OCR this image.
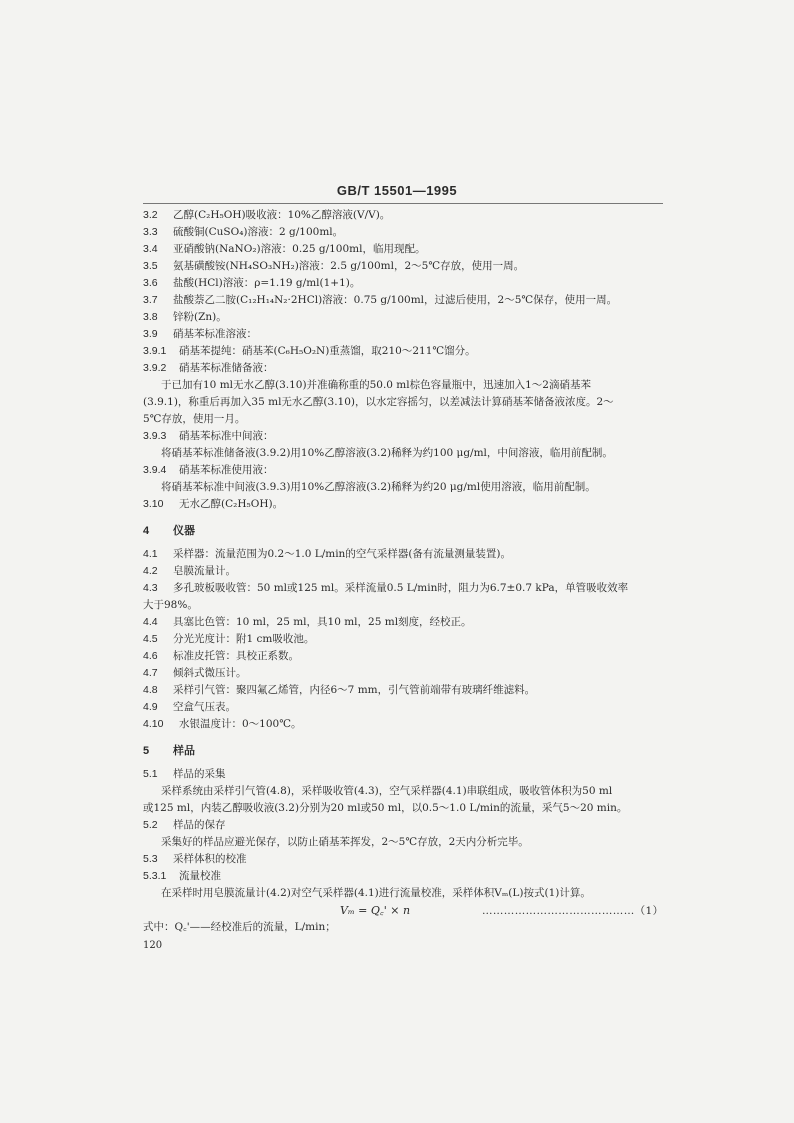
GB/T 15501—1995
3.2 乙醇(C₂H₅OH)吸收液：10%乙醇溶液(V/V)。
3.3 硫酸铜(CuSO₄)溶液：2 g/100ml。
3.4 亚硝酸钠(NaNO₂)溶液：0.25 g/100ml，临用现配。
3.5 氨基磺酸铵(NH₄SO₃NH₂)溶液：2.5 g/100ml，2～5℃存放，使用一周。
3.6 盐酸(HCl)溶液：ρ=1.19 g/ml(1+1)。
3.7 盐酸萘乙二胺(C₁₂H₁₄N₂·2HCl)溶液：0.75 g/100ml，过滤后使用，2～5℃保存，使用一周。
3.8 锌粉(Zn)。
3.9 硝基苯标准溶液：
3.9.1 硝基苯提纯：硝基苯(C₆H₅O₂N)重蒸馏，取210～211℃馏分。
3.9.2 硝基苯标准储备液：
于已加有10 ml无水乙醇(3.10)并准确称重的50.0 ml棕色容量瓶中，迅速加入1～2滴硝基苯
(3.9.1)，称重后再加入35 ml无水乙醇(3.10)，以水定容摇匀，以差减法计算硝基苯储备液浓度。2～
5℃存放，使用一月。
3.9.3 硝基苯标准中间液：
将硝基苯标准储备液(3.9.2)用10%乙醇溶液(3.2)稀释为约100 μg/ml，中间溶液，临用前配制。
3.9.4 硝基苯标准使用液：
将硝基苯标准中间液(3.9.3)用10%乙醇溶液(3.2)稀释为约20 μg/ml使用溶液，临用前配制。
3.10 无水乙醇(C₂H₅OH)。
4 仪器
4.1 采样器：流量范围为0.2～1.0 L/min的空气采样器(备有流量测量装置)。
4.2 皂膜流量计。
4.3 多孔玻板吸收管：50 ml或125 ml。采样流量0.5 L/min时，阻力为6.7±0.7 kPa，单管吸收效率
大于98%。
4.4 具塞比色管：10 ml，25 ml，具10 ml，25 ml刻度，经校正。
4.5 分光光度计：附1 cm吸收池。
4.6 标准皮托管：具校正系数。
4.7 倾斜式微压计。
4.8 采样引气管：聚四氟乙烯管，内径6～7 mm，引气管前端带有玻璃纤维滤料。
4.9 空盒气压表。
4.10 水银温度计：0～100℃。
5 样品
5.1 样品的采集
采样系统由采样引气管(4.8)，采样吸收管(4.3)，空气采样器(4.1)串联组成，吸收管体积为50 ml
或125 ml，内装乙醇吸收液(3.2)分别为20 ml或50 ml，以0.5～1.0 L/min的流量，采气5～20 min。
5.2 样品的保存
采集好的样品应避光保存，以防止硝基苯挥发，2～5℃存放，2天内分析完毕。
5.3 采样体积的校准
5.3.1 流量校准
在采样时用皂膜流量计(4.2)对空气采样器(4.1)进行流量校准，采样体积Vₘ(L)按式(1)计算。
Vₘ = Q꜀' × n	……………………………………（1）
式中：Q꜀'——经校准后的流量，L/min；
120
